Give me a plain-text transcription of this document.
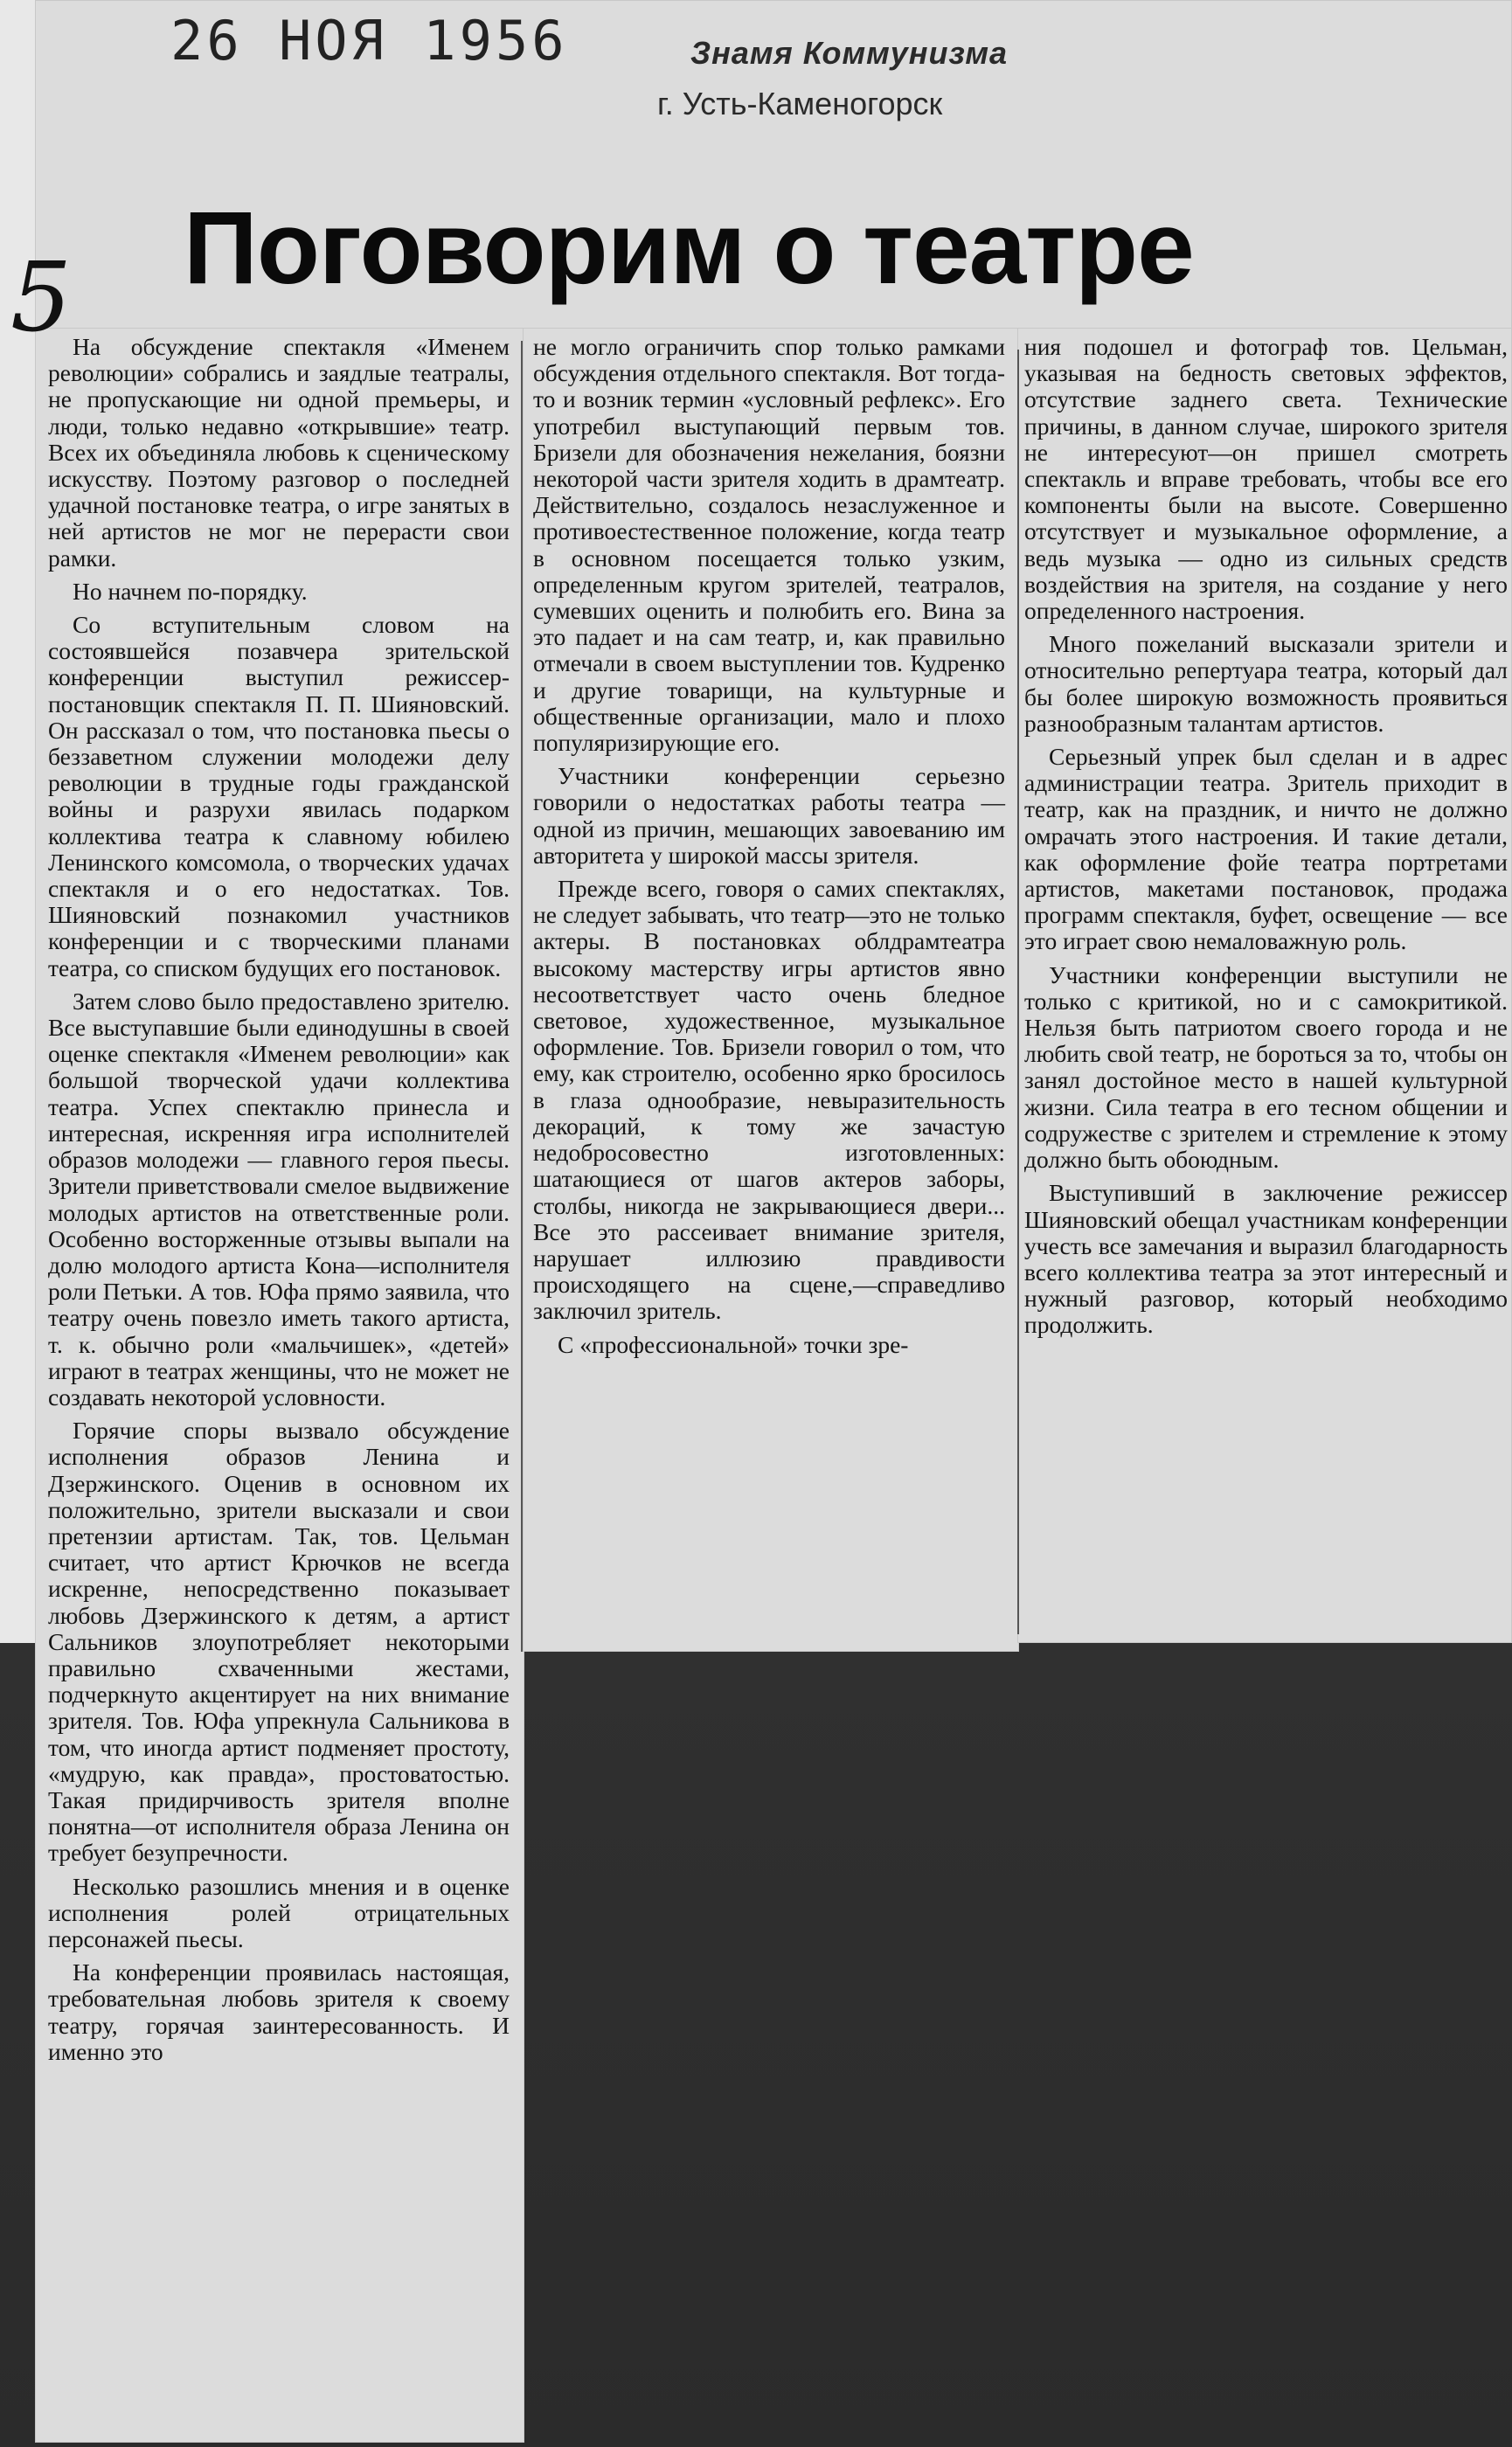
26 НОЯ 1956	Знамя Коммунизма
г. Усть-Каменогорск
5 Поговорим о театре

На обсуждение спектакля «Именем революции» собрались и заядлые театралы, не пропускающие ни одной премьеры, и люди, только недавно «открывшие» театр. Всех их объединяла любовь к сценическому искусству. Поэтому разговор о последней удачной постановке театра, о игре занятых в ней артистов не мог не перерасти свои рамки.

Но начнем по-порядку.

Со вступительным словом на состоявшейся позавчера зрительской конференции выступил режиссер-постановщик спектакля П. П. Шияновский. Он рассказал о том, что постановка пьесы о беззаветном служении молодежи делу революции в трудные годы гражданской войны и разрухи явилась подарком коллектива театра к славному юбилею Ленинского комсомола, о творческих удачах спектакля и о его недостатках. Тов. Шияновский познакомил участников конференции и с творческими планами театра, со списком будущих его постановок.

Затем слово было предоставлено зрителю. Все выступавшие были единодушны в своей оценке спектакля «Именем революции» как большой творческой удачи коллектива театра. Успех спектаклю принесла и интересная, искренняя игра исполнителей образов молодежи — главного героя пьесы. Зрители приветствовали смелое выдвижение молодых артистов на ответственные роли. Особенно восторженные отзывы выпали на долю молодого артиста Кона—исполнителя роли Петьки. А тов. Юфа прямо заявила, что театру очень повезло иметь такого артиста, т. к. обычно роли «мальчишек», «детей» играют в театрах женщины, что не может не создавать некоторой условности.

Горячие споры вызвало обсуждение исполнения образов Ленина и Дзержинского. Оценив в основном их положительно, зрители высказали и свои претензии артистам. Так, тов. Цельман считает, что артист Крючков не всегда искренне, непосредственно показывает любовь Дзержинского к детям, а артист Сальников злоупотребляет некоторыми правильно схваченными жестами, подчеркнуто акцентирует на них внимание зрителя. Тов. Юфа упрекнула Сальникова в том, что иногда артист подменяет простоту, «мудрую, как правда», простоватостью. Такая придирчивость зрителя вполне понятна—от исполнителя образа Ленина он требует безупречности.

Несколько разошлись мнения и в оценке исполнения ролей отрицательных персонажей пьесы.

На конференции проявилась настоящая, требовательная любовь зрителя к своему театру, горячая заинтересованность. И именно это

не могло ограничить спор только рамками обсуждения отдельного спектакля. Вот тогда-то и возник термин «условный рефлекс». Его употребил выступающий первым тов. Бризели для обозначения нежелания, боязни некоторой части зрителя ходить в драмтеатр. Действительно, создалось незаслуженное и противоестественное положение, когда театр в основном посещается только узким, определенным кругом зрителей, театралов, сумевших оценить и полюбить его. Вина за это падает и на сам театр, и, как правильно отмечали в своем выступлении тов. Кудренко и другие товарищи, на культурные и общественные организации, мало и плохо популяризирующие его.

Участники конференции серьезно говорили о недостатках работы театра — одной из причин, мешающих завоеванию им авторитета у широкой массы зрителя.

Прежде всего, говоря о самих спектаклях, не следует забывать, что театр—это не только актеры. В постановках облдрамтеатра высокому мастерству игры артистов явно несоответствует часто очень бледное световое, художественное, музыкальное оформление. Тов. Бризели говорил о том, что ему, как строителю, особенно ярко бросилось в глаза однообразие, невыразительность декораций, к тому же зачастую недобросовестно изготовленных: шатающиеся от шагов актеров заборы, столбы, никогда не закрывающиеся двери... Все это рассеивает внимание зрителя, нарушает иллюзию правдивости происходящего на сцене,—справедливо заключил зритель.

С «профессиональной» точки зре-

ния подошел и фотограф тов. Цельман, указывая на бедность световых эффектов, отсутствие заднего света. Технические причины, в данном случае, широкого зрителя не интересуют—он пришел смотреть спектакль и вправе требовать, чтобы все его компоненты были на высоте. Совершенно отсутствует и музыкальное оформление, а ведь музыка — одно из сильных средств воздействия на зрителя, на создание у него определенного настроения.

Много пожеланий высказали зрители и относительно репертуара театра, который дал бы более широкую возможность проявиться разнообразным талантам артистов.

Серьезный упрек был сделан и в адрес администрации театра. Зритель приходит в театр, как на праздник, и ничто не должно омрачать этого настроения. И такие детали, как оформление фойе театра портретами артистов, макетами постановок, продажа программ спектакля, буфет, освещение — все это играет свою немаловажную роль.

Участники конференции выступили не только с критикой, но и с самокритикой. Нельзя быть патриотом своего города и не любить свой театр, не бороться за то, чтобы он занял достойное место в нашей культурной жизни. Сила театра в его тесном общении и содружестве с зрителем и стремление к этому должно быть обоюдным.

Выступивший в заключение режиссер Шияновский обещал участникам конференции учесть все замечания и выразил благодарность всего коллектива театра за этот интересный и нужный разговор, который необходимо продолжить.
